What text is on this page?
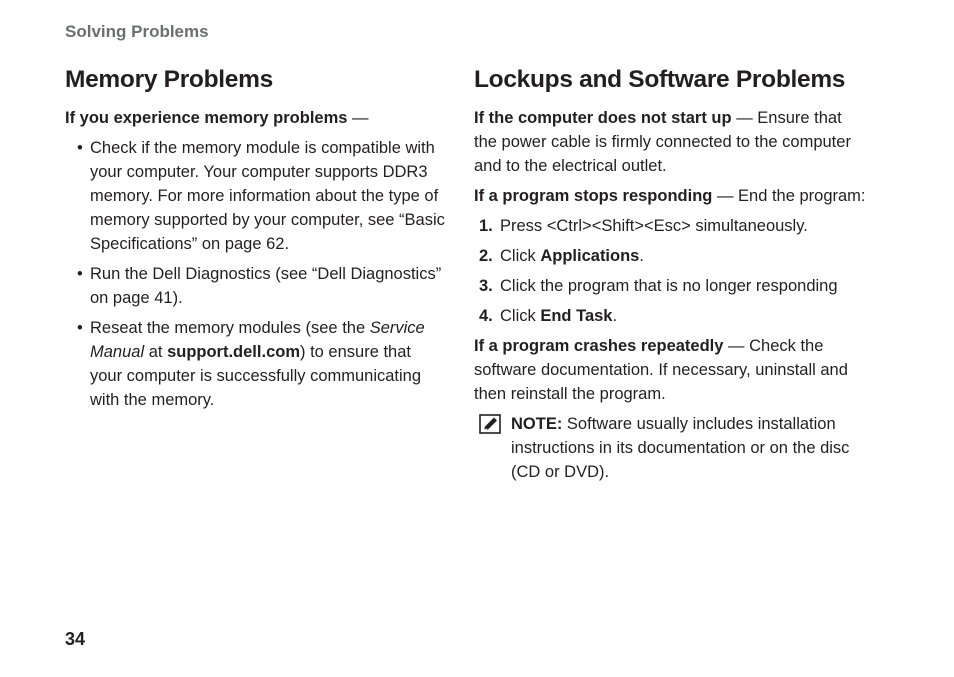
Solving Problems
Memory Problems

If you experience memory problems —

• Check if the memory module is compatible with your computer. Your computer supports DDR3 memory. For more information about the type of memory supported by your computer, see “Basic Specifications” on page 62.
• Run the Dell Diagnostics (see “Dell Diagnostics” on page 41).
• Reseat the memory modules (see the Service Manual at support.dell.com) to ensure that your computer is successfully communicating with the memory.
Lockups and Software Problems

If the computer does not start up — Ensure that the power cable is firmly connected to the computer and to the electrical outlet.

If a program stops responding — End the program:

1. Press <Ctrl><Shift><Esc> simultaneously.
2. Click Applications.
3. Click the program that is no longer responding
4. Click End Task.

If a program crashes repeatedly — Check the software documentation. If necessary, uninstall and then reinstall the program.

NOTE: Software usually includes installation instructions in its documentation or on the disc (CD or DVD).
34
